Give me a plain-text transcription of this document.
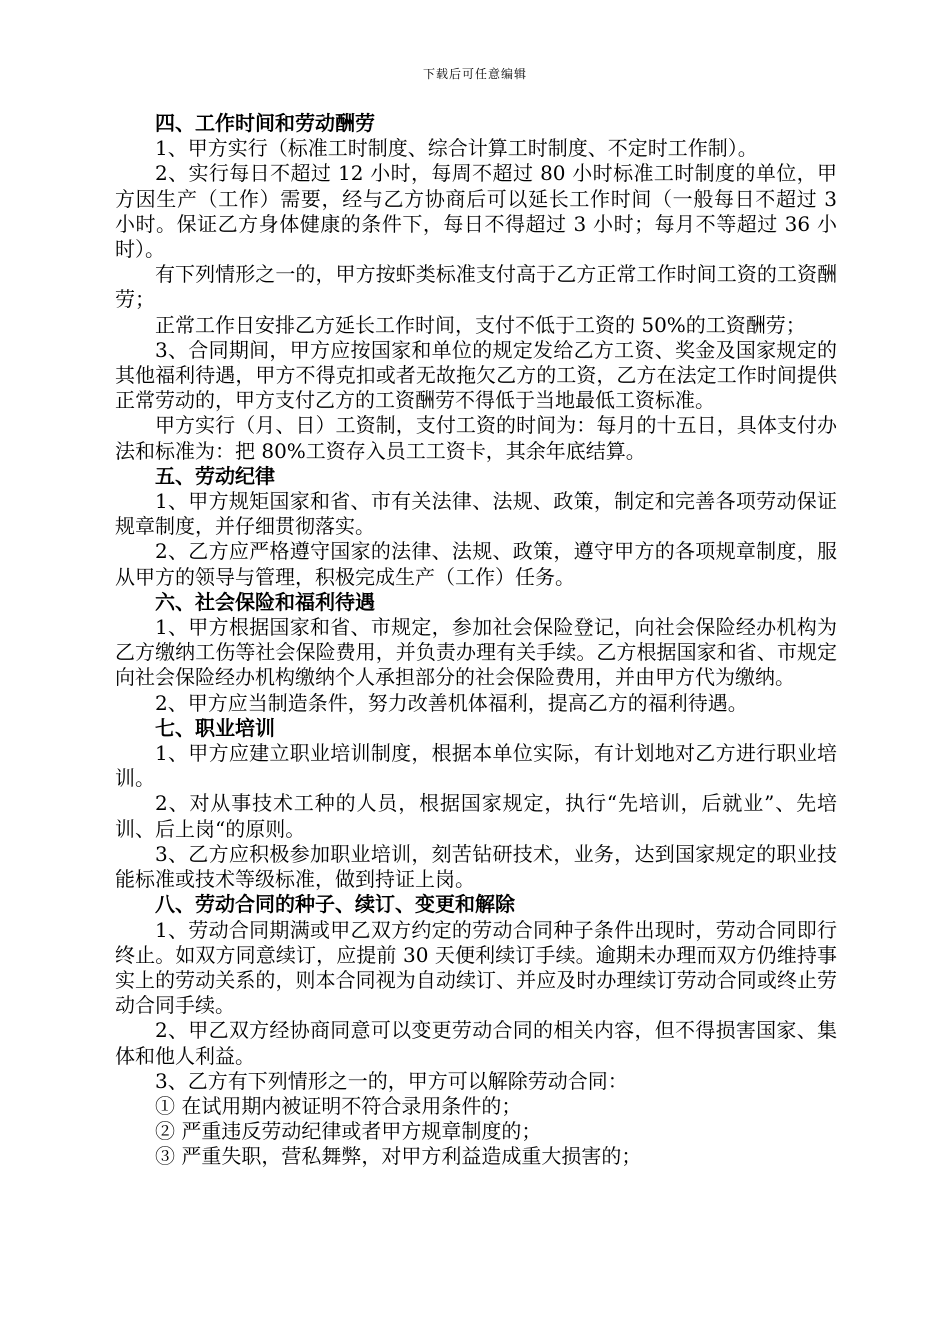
下载后可任意编辑

四、工作时间和劳动酬劳

1、甲方实行（标准工时制度、综合计算工时制度、不定时工作制）。

2、实行每日不超过 12 小时，每周不超过 80 小时标准工时制度的单位，甲方因生产（工作）需要，经与乙方协商后可以延长工作时间（一般每日不超过 3 小时。保证乙方身体健康的条件下，每日不得超过 3 小时；每月不等超过 36 小时）。

有下列情形之一的，甲方按虾类标准支付高于乙方正常工作时间工资的工资酬劳；

正常工作日安排乙方延长工作时间，支付不低于工资的 50%的工资酬劳；

3、合同期间，甲方应按国家和单位的规定发给乙方工资、奖金及国家规定的其他福利待遇，甲方不得克扣或者无故拖欠乙方的工资，乙方在法定工作时间提供正常劳动的，甲方支付乙方的工资酬劳不得低于当地最低工资标准。

甲方实行（月、日）工资制，支付工资的时间为：每月的十五日，具体支付办法和标准为：把 80%工资存入员工工资卡，其余年底结算。

五、劳动纪律

1、甲方规矩国家和省、市有关法律、法规、政策，制定和完善各项劳动保证规章制度，并仔细贯彻落实。

2、乙方应严格遵守国家的法律、法规、政策，遵守甲方的各项规章制度，服从甲方的领导与管理，积极完成生产（工作）任务。

六、社会保险和福利待遇

1、甲方根据国家和省、市规定，参加社会保险登记，向社会保险经办机构为乙方缴纳工伤等社会保险费用，并负责办理有关手续。乙方根据国家和省、市规定向社会保险经办机构缴纳个人承担部分的社会保险费用，并由甲方代为缴纳。

2、甲方应当制造条件，努力改善机体福利，提高乙方的福利待遇。

七、职业培训

1、甲方应建立职业培训制度，根据本单位实际，有计划地对乙方进行职业培训。

2、对从事技术工种的人员，根据国家规定，执行“先培训，后就业”、先培训、后上岗“的原则。

3、乙方应积极参加职业培训，刻苦钻研技术，业务，达到国家规定的职业技能标准或技术等级标准，做到持证上岗。

八、劳动合同的种子、续订、变更和解除

1、劳动合同期满或甲乙双方约定的劳动合同种子条件出现时，劳动合同即行终止。如双方同意续订，应提前 30 天便利续订手续。逾期未办理而双方仍维持事实上的劳动关系的，则本合同视为自动续订、并应及时办理续订劳动合同或终止劳动合同手续。

2、甲乙双方经协商同意可以变更劳动合同的相关内容，但不得损害国家、集体和他人利益。

3、乙方有下列情形之一的，甲方可以解除劳动合同：

① 在试用期内被证明不符合录用条件的；

② 严重违反劳动纪律或者甲方规章制度的；

③ 严重失职，营私舞弊，对甲方利益造成重大损害的；
